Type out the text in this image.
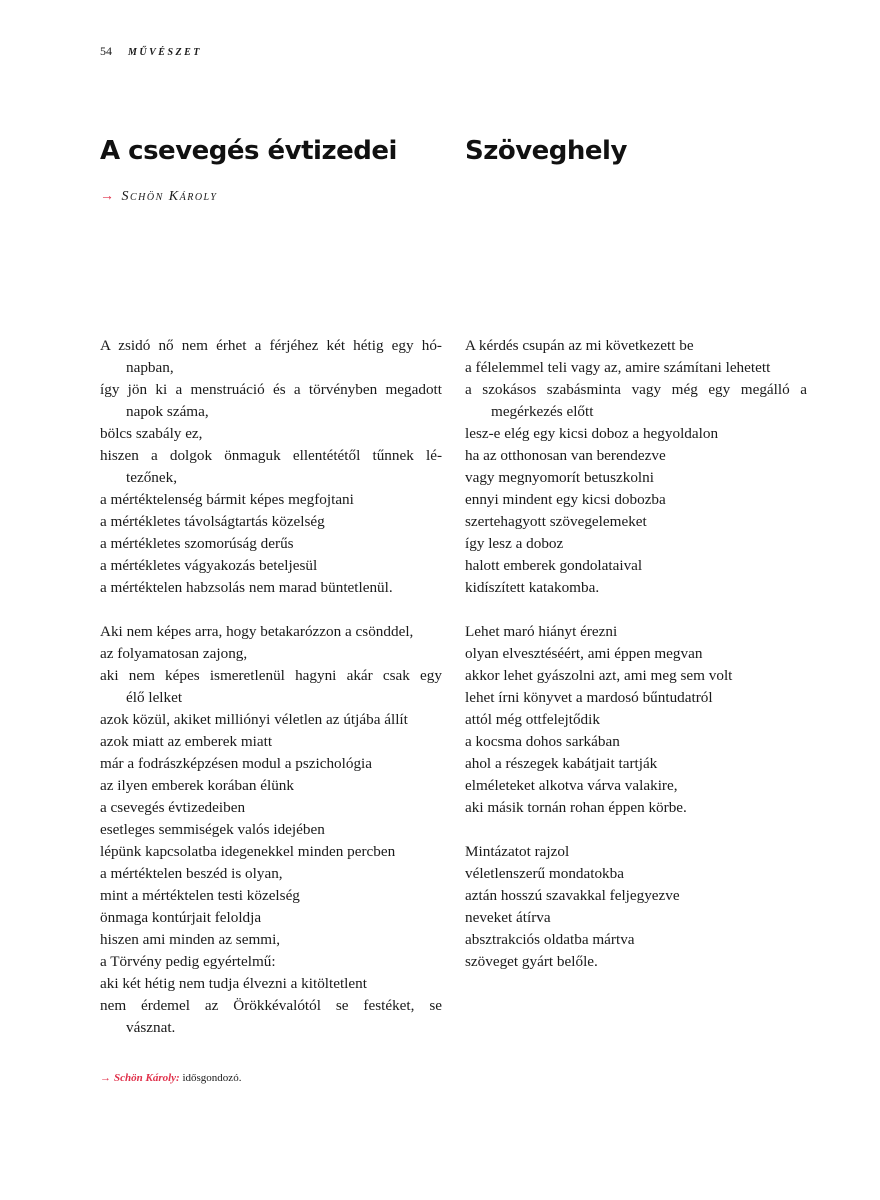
54 MŰVÉSZET
A csevegés évtizedei	Szöveghely
→ Schön Károly
A zsidó nő nem érhet a férjéhez két hétig egy hó-
napban,
így jön ki a menstruáció és a törvényben megadott
napok száma,
bölcs szabály ez,
hiszen a dolgok önmaguk ellentététől tűnnek lé-
tezőnek,
a mértéktelenség bármit képes megfojtani
a mértékletes távolságtartás közelség
a mértékletes szomorúság derűs
a mértékletes vágyakozás beteljesül
a mértéktelen habzsolás nem marad büntetlenül.
Aki nem képes arra, hogy betakarózzon a csönddel,
az folyamatosan zajong,
aki nem képes ismeretlenül hagyni akár csak egy
élő lelket
azok közül, akiket milliónyi véletlen az útjába állít
azok miatt az emberek miatt
már a fodrászképzésen modul a pszichológia
az ilyen emberek korában élünk
a csevegés évtizedeiben
esetleges semmiségek valós idejében
lépünk kapcsolatba idegenekkel minden percben
a mértéktelen beszéd is olyan,
mint a mértéktelen testi közelség
önmaga kontúrjait feloldja
hiszen ami minden az semmi,
a Törvény pedig egyértelmű:
aki két hétig nem tudja élvezni a kitöltetlent
nem érdemel az Örökkévalótól se festéket, se
vásznat.
A kérdés csupán az mi következett be
a félelemmel teli vagy az, amire számítani lehetett
a szokásos szabásminta vagy még egy megálló a
megérkezés előtt
lesz-e elég egy kicsi doboz a hegyoldalon
ha az otthonosan van berendezve
vagy megnyomorít betuszkolni
ennyi mindent egy kicsi dobozba
szertehagyott szövegelemeket
így lesz a doboz
halott emberek gondolataival
kidíszített katakomba.
Lehet maró hiányt érezni
olyan elvesztéséért, ami éppen megvan
akkor lehet gyászolni azt, ami meg sem volt
lehet írni könyvet a mardosó bűntudatról
attól még ottfelejtődik
a kocsma dohos sarkában
ahol a részegek kabátjait tartják
elméleteket alkotva várva valakire,
aki másik tornán rohan éppen körbe.
Mintázatot rajzol
véletlenszerű mondatokba
aztán hosszú szavakkal feljegyezve
neveket átírva
absztrakciós oldatba mártva
szöveget gyárt belőle.
→ Schön Károly: idősgondozó.
